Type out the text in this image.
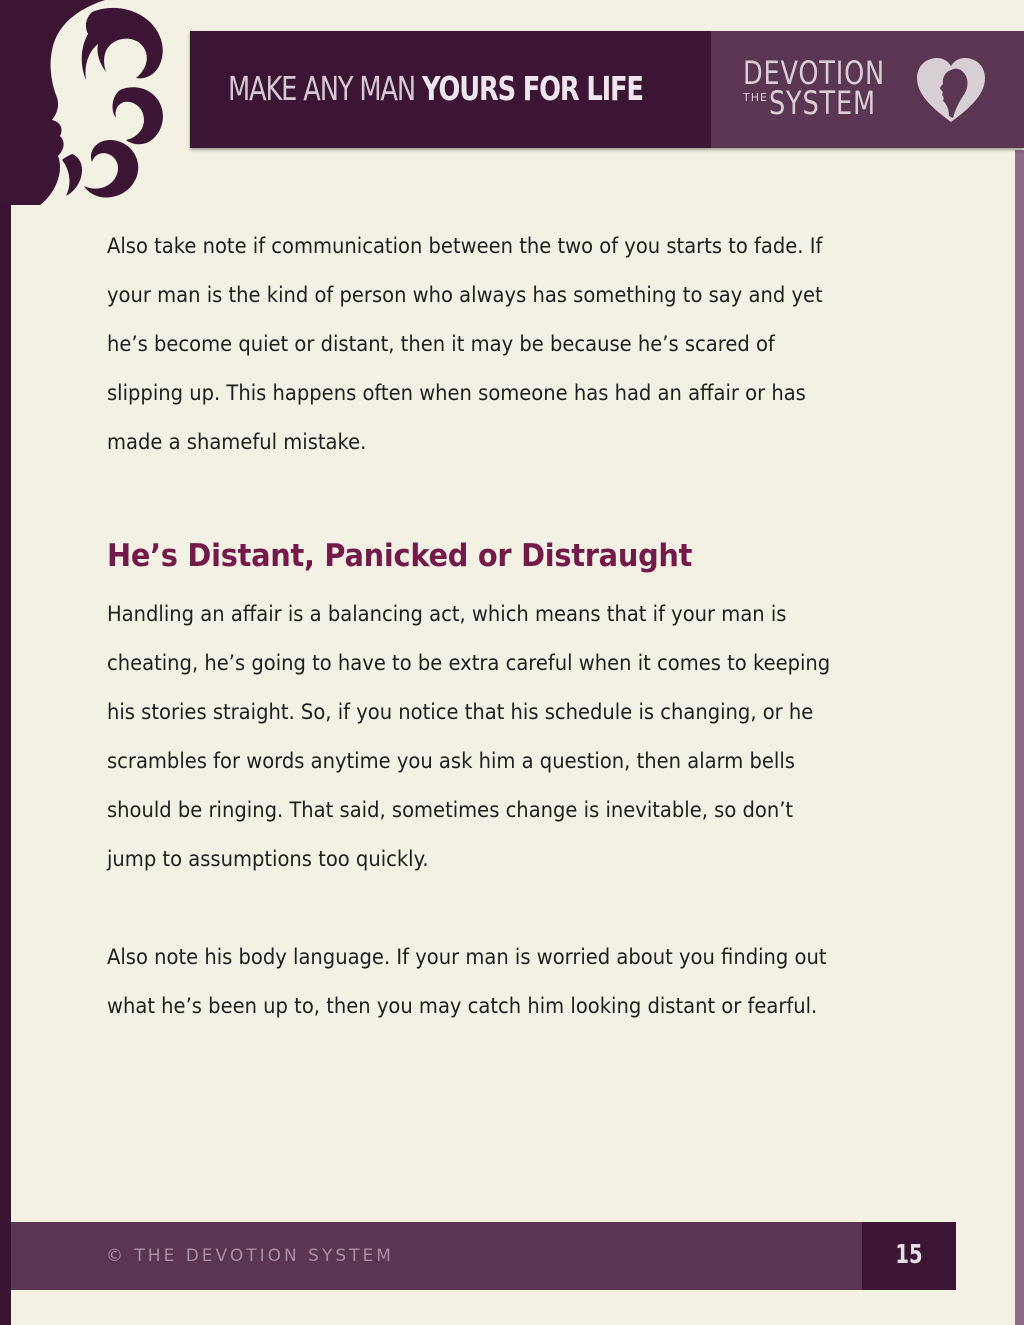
MAKE ANY MAN YOURS FOR LIFE	DEVOTION
THE SYSTEM
Also take note if communication between the two of you starts to fade. If
your man is the kind of person who always has something to say and yet
he’s become quiet or distant, then it may be because he’s scared of
slipping up. This happens often when someone has had an affair or has
made a shameful mistake.
He’s Distant, Panicked or Distraught
Handling an affair is a balancing act, which means that if your man is
cheating, he’s going to have to be extra careful when it comes to keeping
his stories straight. So, if you notice that his schedule is changing, or he
scrambles for words anytime you ask him a question, then alarm bells
should be ringing. That said, sometimes change is inevitable, so don’t
jump to assumptions too quickly.
Also note his body language. If your man is worried about you finding out
what he’s been up to, then you may catch him looking distant or fearful.
© THE DEVOTION SYSTEM	15
